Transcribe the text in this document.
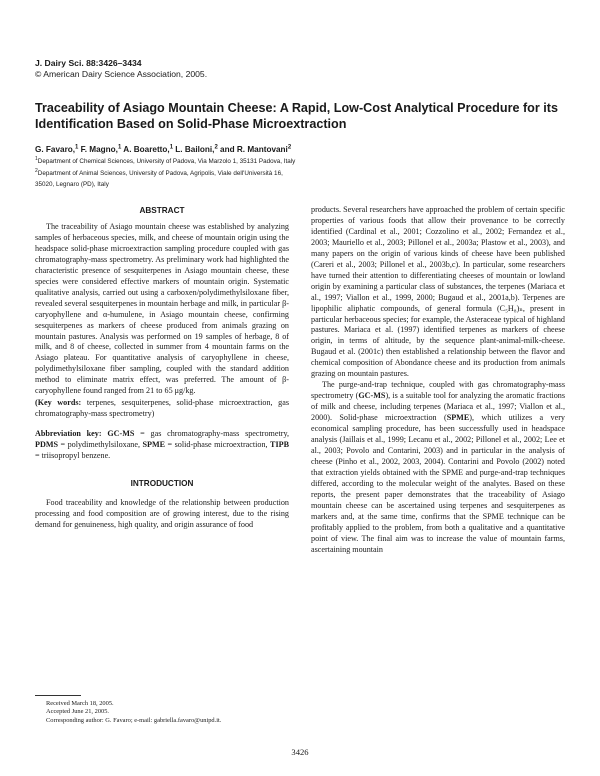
J. Dairy Sci. 88:3426–3434
© American Dairy Science Association, 2005.
Traceability of Asiago Mountain Cheese: A Rapid, Low-Cost Analytical Procedure for its Identification Based on Solid-Phase Microextraction
G. Favaro,$^1$ F. Magno,$^1$ A. Boaretto,$^1$ L. Bailoni,$^2$ and R. Mantovani$^2$
$^1$Department of Chemical Sciences, University of Padova, Via Marzolo 1, 35131 Padova, Italy
$^2$Department of Animal Sciences, University of Padova, Agripolis, Viale dell'Università 16,
35020, Legnaro (PD), Italy

ABSTRACT

The traceability of Asiago mountain cheese was established by analyzing samples of herbaceous species, milk, and cheese of mountain origin using the headspace solid-phase microextraction sampling procedure coupled with gas chromatography-mass spectrometry. As preliminary work had highlighted the characteristic presence of sesquiterpenes in Asiago mountain cheese, these species were considered effective markers of mountain origin. Systematic qualitative analysis, carried out using a carboxen/polydimethylsiloxane fiber, revealed several sesquiterpenes in mountain herbage and milk, in particular β-caryophyllene and α-humulene, in Asiago mountain cheese, confirming sesquiterpenes as markers of cheese produced from animals grazing on mountain pastures. Analysis was performed on 19 samples of herbage, 8 of milk, and 8 of cheese, collected in summer from 4 mountain farms on the Asiago plateau. For quantitative analysis of caryophyllene in cheese, polydimethylsiloxane fiber sampling, coupled with the standard addition method to eliminate matrix effect, was preferred. The amount of β-caryophyllene found ranged from 21 to 65 μg/kg.

(Key words: terpenes, sesquiterpenes, solid-phase microextraction, gas chromatography-mass spectrometry)

Abbreviation key: GC-MS = gas chromatography-mass spectrometry, PDMS = polydimethylsiloxane, SPME = solid-phase microextraction, TIPB = triisopropyl benzene.

INTRODUCTION

Food traceability and knowledge of the relationship between production processing and food composition are of growing interest, due to the rising demand for genuineness, high quality, and origin assurance of food

products. Several researchers have approached the problem of certain specific properties of various foods that allow their provenance to be correctly identified (Cardinal et al., 2001; Cozzolino et al., 2002; Fernandez et al., 2003; Mauriello et al., 2003; Pillonel et al., 2003a; Plastow et al., 2003), and many papers on the origin of various kinds of cheese have been published (Careri et al., 2003; Pillonel et al., 2003b,c). In particular, some researchers have turned their attention to differentiating cheeses of mountain or lowland origin by examining a particular class of substances, the terpenes (Mariaca et al., 1997; Viallon et al., 1999, 2000; Bugaud et al., 2001a,b). Terpenes are lipophilic aliphatic compounds, of general formula (C₅H₈)ₙ, present in particular herbaceous species; for example, the Asteraceae typical of highland pastures. Mariaca et al. (1997) identified terpenes as markers of cheese origin, in terms of altitude, by the sequence plant-animal-milk-cheese. Bugaud et al. (2001c) then established a relationship between the flavor and chemical composition of Abondance cheese and its production from animals grazing on mountain pastures.

The purge-and-trap technique, coupled with gas chromatography-mass spectrometry (GC-MS), is a suitable tool for analyzing the aromatic fractions of milk and cheese, including terpenes (Mariaca et al., 1997; Viallon et al., 2000). Solid-phase microextraction (SPME), which utilizes a very economical sampling procedure, has been successfully used in headspace analysis (Jaillais et al., 1999; Lecanu et al., 2002; Pillonel et al., 2002; Lee et al., 2003; Povolo and Contarini, 2003) and in particular in the analysis of cheese (Pinho et al., 2002, 2003, 2004). Contarini and Povolo (2002) noted that extraction yields obtained with the SPME and purge-and-trap techniques differed, according to the molecular weight of the analytes. Based on these reports, the present paper demonstrates that the traceability of Asiago mountain cheese can be ascertained using terpenes and sesquiterpenes as markers and, at the same time, confirms that the SPME technique can be profitably applied to the problem, from both a qualitative and a quantitative point of view. The final aim was to increase the value of mountain farms, ascertaining mountain

Received March 18, 2005.

Accepted June 21, 2005.

Corresponding author: G. Favaro; e-mail: gabriella.favaro@unipd.it.

3426
